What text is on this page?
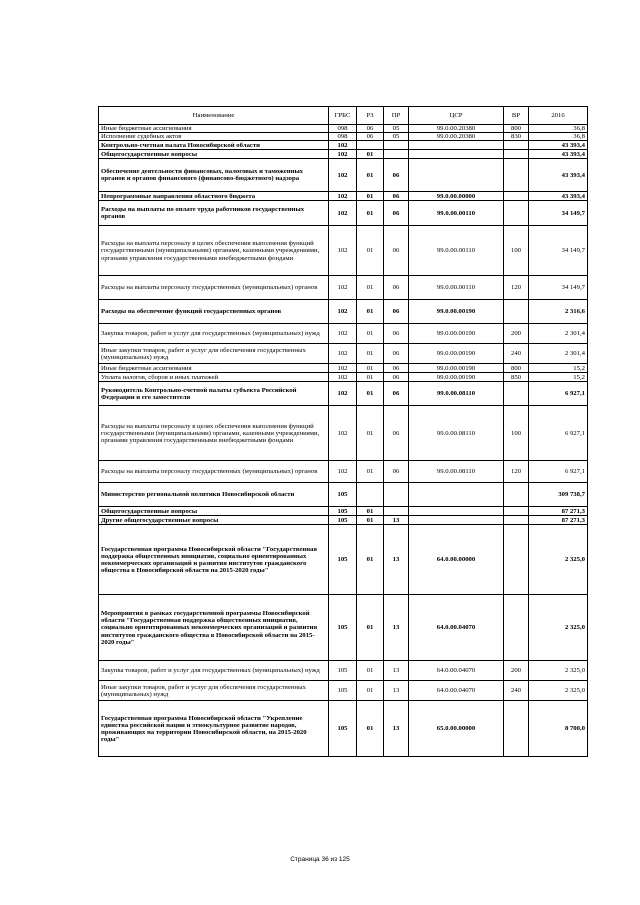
Наименование	ГРБС	РЗ	ПР	ЦСР	ВР	2016
Иные бюджетные ассигнования	098	06	05	99.0.00.20380	800	36,8
Исполнение судебных актов	098	06	05	99.0.00.20380	830	36,8
Контрольно-счетная палата Новосибирской области	102					43 393,4
Общегосударственные вопросы	102	01				43 393,4
Обеспечение деятельности финансовых, налоговых и таможенных органов и органов финансового (финансово-бюджетного) надзора	102	01	06			43 393,4
Непрограммные направления областного бюджета	102	01	06	99.0.00.00000		43 393,4
Расходы на выплаты по оплате труда работников государственных органов	102	01	06	99.0.00.00110		34 149,7
Расходы на выплаты персоналу в целях обеспечения выполнения функций государственными (муниципальными) органами, казенными учреждениями, органами управления государственными внебюджетными фондами	102	01	06	99.0.00.00110	100	34 149,7
Расходы на выплаты персоналу государственных (муниципальных) органов	102	01	06	99.0.00.00110	120	34 149,7
Расходы на обеспечение функций государственных органов	102	01	06	99.0.00.00190		2 316,6
Закупка товаров, работ и услуг для государственных (муниципальных) нужд	102	01	06	99.0.00.00190	200	2 301,4
Иные закупки товаров, работ и услуг для обеспечения государственных (муниципальных) нужд	102	01	06	99.0.00.00190	240	2 301,4
Иные бюджетные ассигнования	102	01	06	99.0.00.00190	800	15,2
Уплата налогов, сборов и иных платежей	102	01	06	99.0.00.00190	850	15,2
Руководитель Контрольно-счетной палаты субъекта Российской Федерации и его заместители	102	01	06	99.0.00.08110		6 927,1
Расходы на выплаты персоналу в целях обеспечения выполнения функций государственными (муниципальными) органами, казенными учреждениями, органами управления государственными внебюджетными фондами	102	01	06	99.0.00.08110	100	6 927,1
Расходы на выплаты персоналу государственных (муниципальных) органов	102	01	06	99.0.00.08110	120	6 927,1
Министерство региональной политики Новосибирской области	105					309 738,7
Общегосударственные вопросы	105	01				87 271,3
Другие общегосударственные вопросы	105	01	13			87 271,3
Государственная программа Новосибирской области "Государственная поддержка общественных инициатив, социально ориентированных некоммерческих организаций и развития институтов гражданского общества в Новосибирской области на 2015-2020 годы"	105	01	13	64.0.00.00000		2 325,0
Мероприятия в рамках государственной программы Новосибирской области "Государственная поддержка общественных инициатив, социально ориентированных некоммерческих организаций и развития институтов гражданского общества в Новосибирской области на 2015-2020 годы"	105	01	13	64.0.00.04070		2 325,0
Закупка товаров, работ и услуг для государственных (муниципальных) нужд	105	01	13	64.0.00.04070	200	2 325,0
Иные закупки товаров, работ и услуг для обеспечения государственных (муниципальных) нужд	105	01	13	64.0.00.04070	240	2 325,0
Государственная программа Новосибирской области "Укрепление единства российской нации и этнокультурное развитие народов, проживающих на территории Новосибирской области, на 2015-2020 годы"	105	01	13	65.0.00.00000		8 700,0
Страница 36 из 125
